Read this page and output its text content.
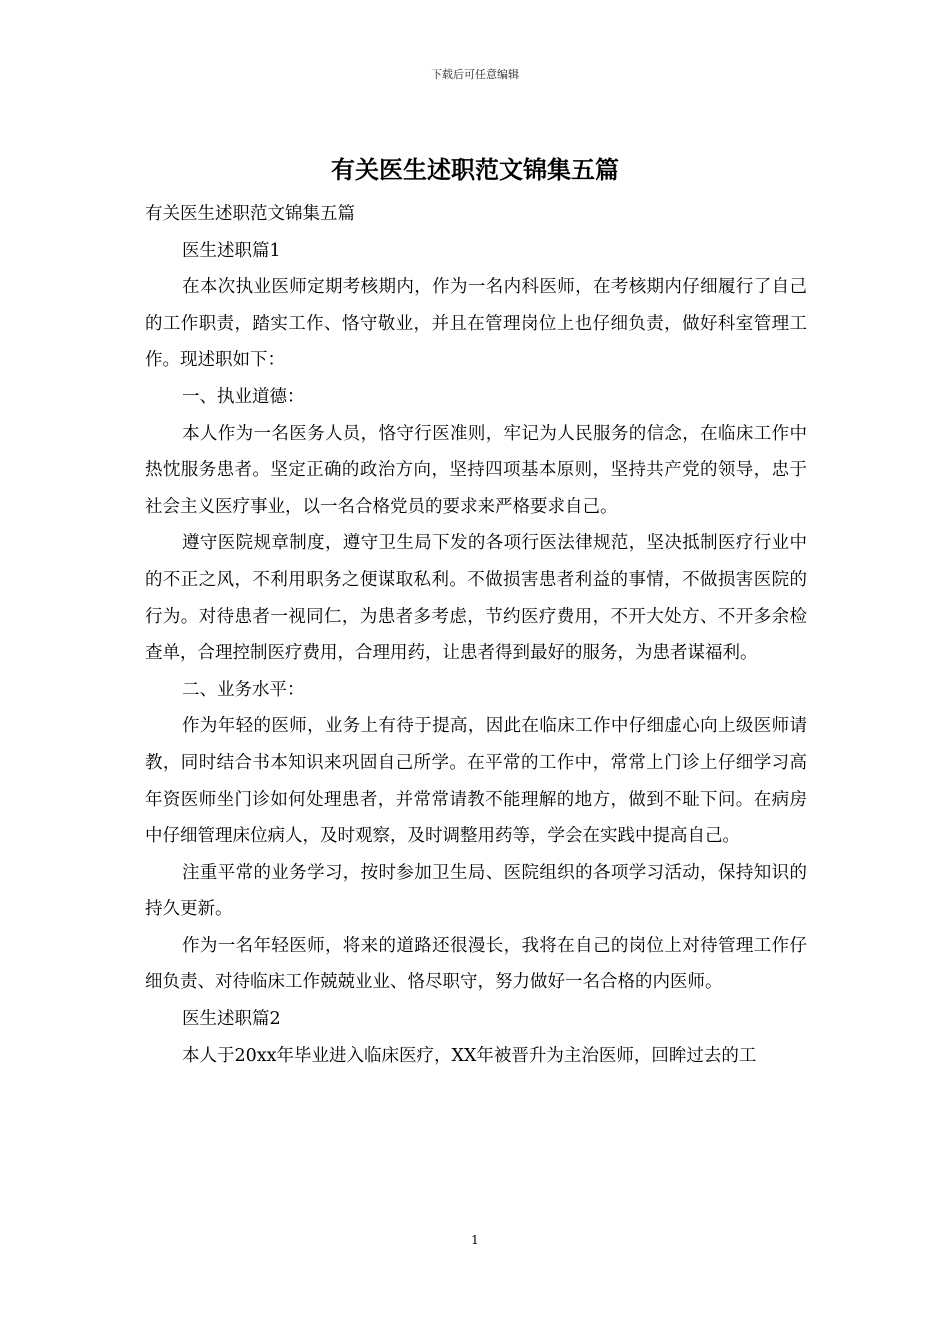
下载后可任意编辑
有关医生述职范文锦集五篇

有关医生述职范文锦集五篇

医生述职篇1

在本次执业医师定期考核期内，作为一名内科医师，在考核期内仔细履行了自己的工作职责，踏实工作、恪守敬业，并且在管理岗位上也仔细负责，做好科室管理工作。现述职如下：

一、执业道德：

本人作为一名医务人员，恪守行医准则，牢记为人民服务的信念，在临床工作中热忱服务患者。坚定正确的政治方向，坚持四项基本原则，坚持共产党的领导，忠于社会主义医疗事业，以一名合格党员的要求来严格要求自己。

遵守医院规章制度，遵守卫生局下发的各项行医法律规范，坚决抵制医疗行业中的不正之风，不利用职务之便谋取私利。不做损害患者利益的事情，不做损害医院的行为。对待患者一视同仁，为患者多考虑，节约医疗费用，不开大处方、不开多余检查单，合理控制医疗费用，合理用药，让患者得到最好的服务，为患者谋福利。

二、业务水平：

作为年轻的医师，业务上有待于提高，因此在临床工作中仔细虚心向上级医师请教，同时结合书本知识来巩固自己所学。在平常的工作中，常常上门诊上仔细学习高年资医师坐门诊如何处理患者，并常常请教不能理解的地方，做到不耻下问。在病房中仔细管理床位病人，及时观察，及时调整用药等，学会在实践中提高自己。

注重平常的业务学习，按时参加卫生局、医院组织的各项学习活动，保持知识的持久更新。

作为一名年轻医师，将来的道路还很漫长，我将在自己的岗位上对待管理工作仔细负责、对待临床工作兢兢业业、恪尽职守，努力做好一名合格的内医师。

医生述职篇2

本人于20xx年毕业进入临床医疗，XX年被晋升为主治医师，回眸过去的工

1
